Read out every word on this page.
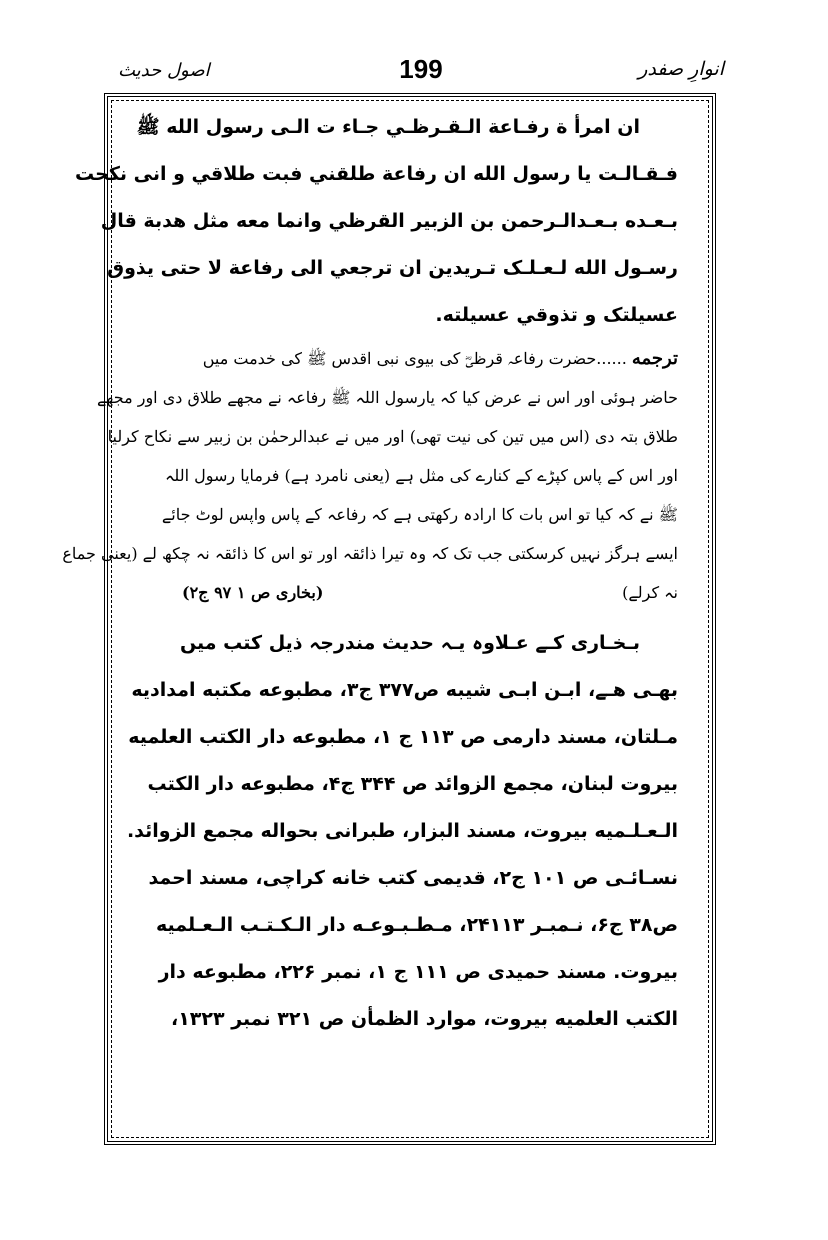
اصول حدیث	199	انوارِ صفدر
ان امرأ ة رفـاعة الـقـرظـي جـاء ت الـى رسول الله ﷺ
فـقـالـت يا رسول الله ان رفاعة طلقني فبت طلاقي و انى نكحت
بـعـده بـعـدالـرحمن بن الزبير القرظي وانما معه مثل هدبة قال
رسـول الله لـعـلـک تـريدين ان ترجعي الى رفاعة لا حتى يذوق
عسيلتک و تذوقي عسيلته.
ترجمه ......حضرت رفاعہ قرظیؓ کی بیوی نبی اقدس ﷺ کی خدمت میں
حاضر ہوئی اور اس نے عرض کیا کہ یارسول اللہ ﷺ رفاعہ نے مجھے طلاق دی اور مجھے
طلاق بتہ دی (اس میں تین کی نیت تھی) اور میں نے عبدالرحمٰن بن زبیر سے نکاح کرلیا
اور اس کے پاس کپڑے کے کنارے کی مثل ہے (یعنی نامرد ہے) فرمایا رسول اللہ
ﷺ نے کہ کیا تو اس بات کا ارادہ رکھتی ہے کہ رفاعہ کے پاس واپس لوٹ جائے
ایسے ہرگز نہیں کرسکتی جب تک کہ وہ تیرا ذائقہ اور تو اس کا ذائقہ نہ چکھ لے (یعنی جماع
نہ کرلے)
(بخاری ص ۱ ۹۷ ج۲)
بـخـاری کـے عـلاوہ یـہ حدیث مندرجہ ذیل کتب میں
بھـی ھـے، ابـن ابـی شیبه ص۳۷۷ ج۳، مطبوعه مکتبه امدادیه
مـلتان، مسند دارمی ص ۱۱۳ ج ۱، مطبوعه دار الکتب العلمیه
بیروت لبنان، مجمع الزوائد ص ۳۴۴ ج۴، مطبوعه دار الکتب
الـعـلـمیه بیروت، مسند البزار، طبرانی بحواله مجمع الزوائد.
نسـائـی ص ۱۰۱ ج۲، قدیمی کتب خانه کراچی، مسند احمد
ص۳۸ ج۶، نـمبـر ۲۴۱۱۳، مـطـبـوعـه دار الـکـتـب الـعـلمیه
بیروت. مسند حمیدی ص ۱۱۱ ج ۱، نمبر ۲۲۶، مطبوعه دار
الکتب العلمیه بیروت، موارد الظمأن ص ۳۲۱ نمبر ۱۳۲۳،
